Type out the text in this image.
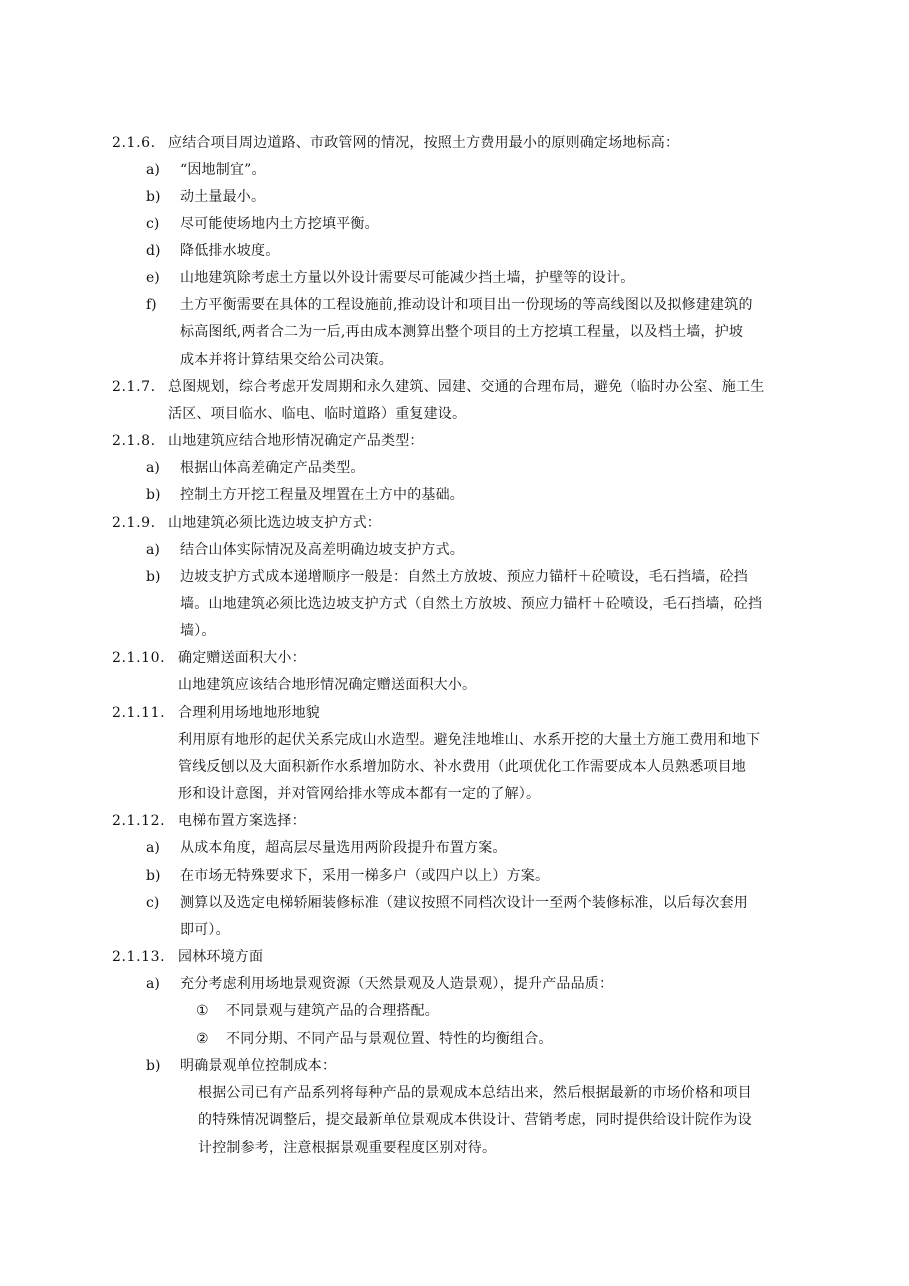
2.1.6. 应结合项目周边道路、市政管网的情况，按照土方费用最小的原则确定场地标高：
a) “因地制宜”。
b) 动土量最小。
c) 尽可能使场地内土方挖填平衡。
d) 降低排水坡度。
e) 山地建筑除考虑土方量以外设计需要尽可能减少挡土墙，护壁等的设计。
f) 土方平衡需要在具体的工程设施前,推动设计和项目出一份现场的等高线图以及拟修建建筑的
标高图纸,两者合二为一后,再由成本测算出整个项目的土方挖填工程量，以及档土墙，护坡
成本并将计算结果交给公司决策。
2.1.7. 总图规划，综合考虑开发周期和永久建筑、园建、交通的合理布局，避免（临时办公室、施工生
活区、项目临水、临电、临时道路）重复建设。
2.1.8. 山地建筑应结合地形情况确定产品类型：
a) 根据山体高差确定产品类型。
b) 控制土方开挖工程量及埋置在土方中的基础。
2.1.9. 山地建筑必须比选边坡支护方式：
a) 结合山体实际情况及高差明确边坡支护方式。
b) 边坡支护方式成本递增顺序一般是：自然土方放坡、预应力锚杆＋砼喷设，毛石挡墙，砼挡
墙。山地建筑必须比选边坡支护方式（自然土方放坡、预应力锚杆＋砼喷设，毛石挡墙，砼挡
墙）。
2.1.10. 确定赠送面积大小：
山地建筑应该结合地形情况确定赠送面积大小。
2.1.11. 合理利用场地地形地貌
利用原有地形的起伏关系完成山水造型。避免洼地堆山、水系开挖的大量土方施工费用和地下
管线反刨以及大面积新作水系增加防水、补水费用（此项优化工作需要成本人员熟悉项目地
形和设计意图，并对管网给排水等成本都有一定的了解）。
2.1.12. 电梯布置方案选择：
a) 从成本角度，超高层尽量选用两阶段提升布置方案。
b) 在市场无特殊要求下，采用一梯多户（或四户以上）方案。
c) 测算以及选定电梯轿厢装修标准（建议按照不同档次设计一至两个装修标准，以后每次套用
即可）。
2.1.13. 园林环境方面
a) 充分考虑利用场地景观资源（天然景观及人造景观），提升产品品质：
① 不同景观与建筑产品的合理搭配。
② 不同分期、不同产品与景观位置、特性的均衡组合。
b) 明确景观单位控制成本：
根据公司已有产品系列将每种产品的景观成本总结出来，然后根据最新的市场价格和项目
的特殊情况调整后，提交最新单位景观成本供设计、营销考虑，同时提供给设计院作为设
计控制参考，注意根据景观重要程度区别对待。
